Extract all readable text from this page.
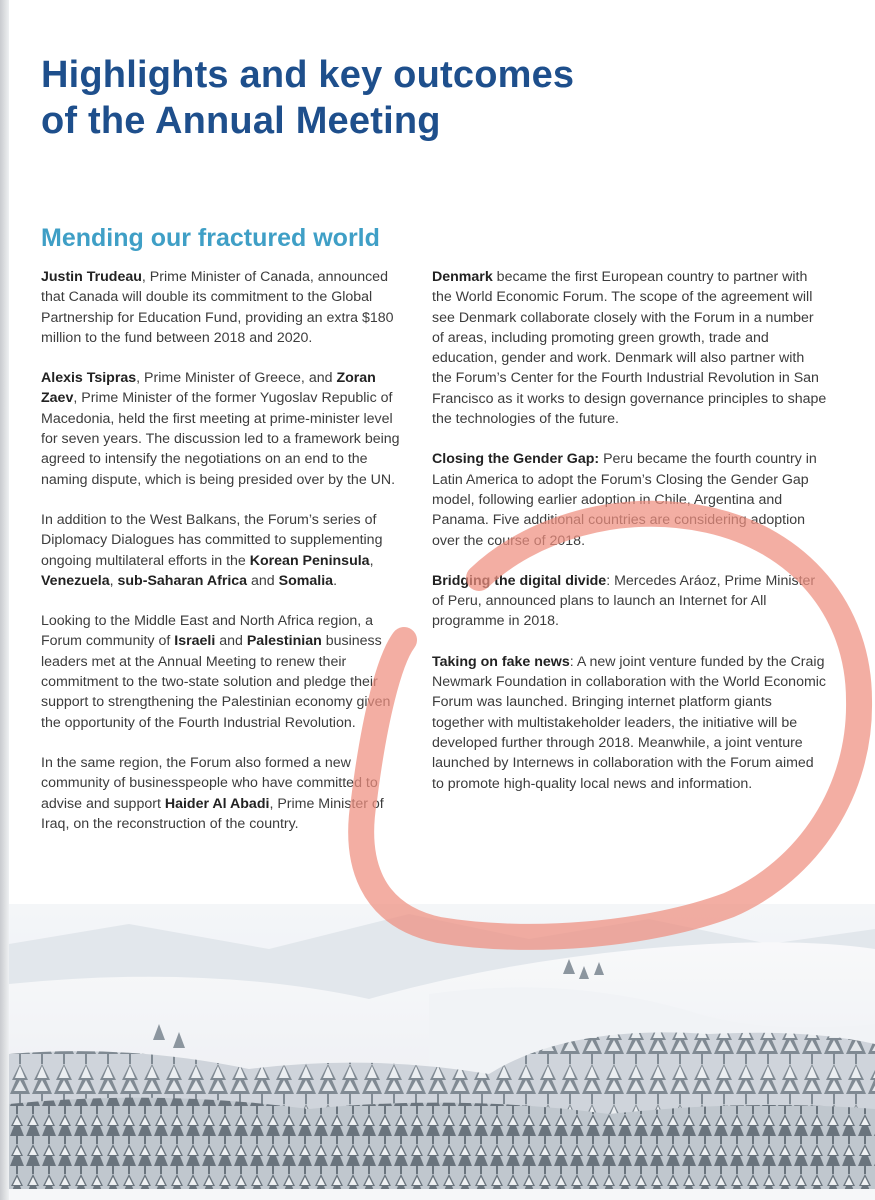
Highlights and key outcomes
of the Annual Meeting
Mending our fractured world

Justin Trudeau, Prime Minister of Canada, announced that Canada will double its commitment to the Global Partnership for Education Fund, providing an extra $180 million to the fund between 2018 and 2020.

Alexis Tsipras, Prime Minister of Greece, and Zoran Zaev, Prime Minister of the former Yugoslav Republic of Macedonia, held the first meeting at prime-minister level for seven years. The discussion led to a framework being agreed to intensify the negotiations on an end to the naming dispute, which is being presided over by the UN.

In addition to the West Balkans, the Forum’s series of Diplomacy Dialogues has committed to supplementing ongoing multilateral efforts in the Korean Peninsula, Venezuela, sub-Saharan Africa and Somalia.

Looking to the Middle East and North Africa region, a Forum community of Israeli and Palestinian business leaders met at the Annual Meeting to renew their commitment to the two-state solution and pledge their support to strengthening the Palestinian economy given the opportunity of the Fourth Industrial Revolution.

In the same region, the Forum also formed a new community of businesspeople who have committed to advise and support Haider Al Abadi, Prime Minister of Iraq, on the reconstruction of the country.

Denmark became the first European country to partner with the World Economic Forum. The scope of the agreement will see Denmark collaborate closely with the Forum in a number of areas, including promoting green growth, trade and education, gender and work. Denmark will also partner with the Forum’s Center for the Fourth Industrial Revolution in San Francisco as it works to design governance principles to shape the technologies of the future.

Closing the Gender Gap: Peru became the fourth country in Latin America to adopt the Forum’s Closing the Gender Gap model, following earlier adoption in Chile, Argentina and Panama. Five additional countries are considering adoption over the course of 2018.

Bridging the digital divide: Mercedes Aráoz, Prime Minister of Peru, announced plans to launch an Internet for All programme in 2018.

Taking on fake news: A new joint venture funded by the Craig Newmark Foundation in collaboration with the World Economic Forum was launched. Bringing internet platform giants together with multistakeholder leaders, the initiative will be developed further through 2018. Meanwhile, a joint venture launched by Internews in collaboration with the Forum aimed to promote high-quality local news and information.
